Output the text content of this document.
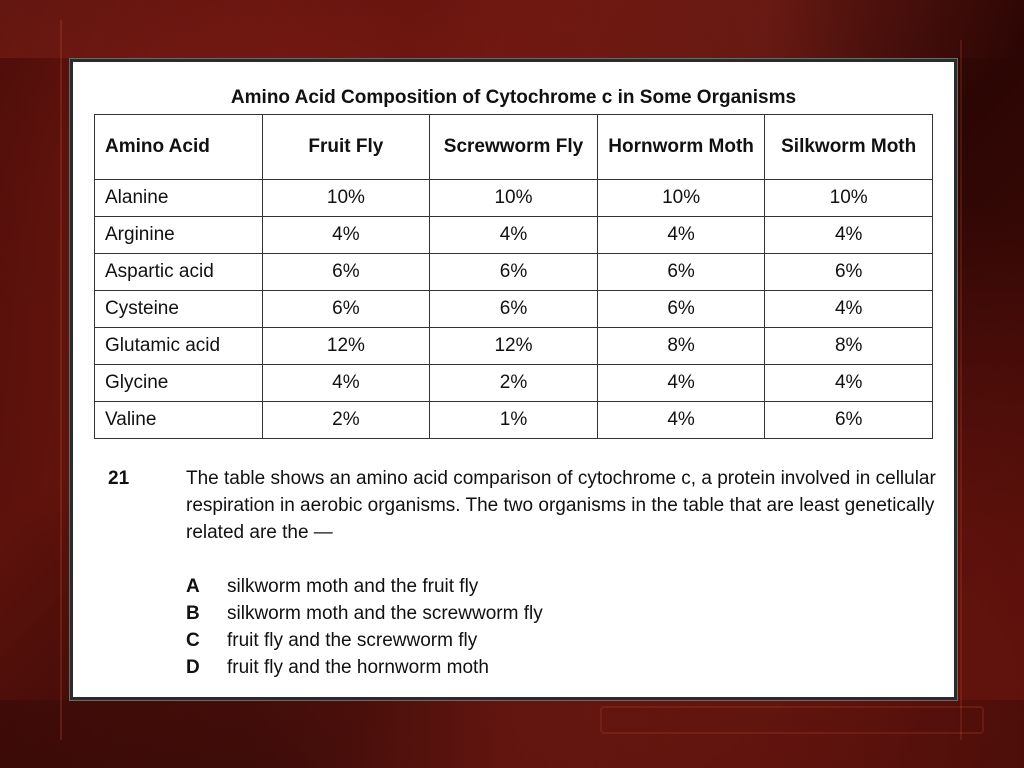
Amino Acid Composition of Cytochrome c in Some Organisms
Amino Acid	Fruit Fly	Screwworm Fly	Hornworm Moth	Silkworm Moth
Alanine	10%	10%	10%	10%
Arginine	4%	4%	4%	4%
Aspartic acid	6%	6%	6%	6%
Cysteine	6%	6%	6%	4%
Glutamic acid	12%	12%	8%	8%
Glycine	4%	2%	4%	4%
Valine	2%	1%	4%	6%
21	The table shows an amino acid comparison of cytochrome c, a protein involved in cellular respiration in aerobic organisms. The two organisms in the table that are least genetically related are the —
A silkworm moth and the fruit fly
B silkworm moth and the screwworm fly
C fruit fly and the screwworm fly
D fruit fly and the hornworm moth
